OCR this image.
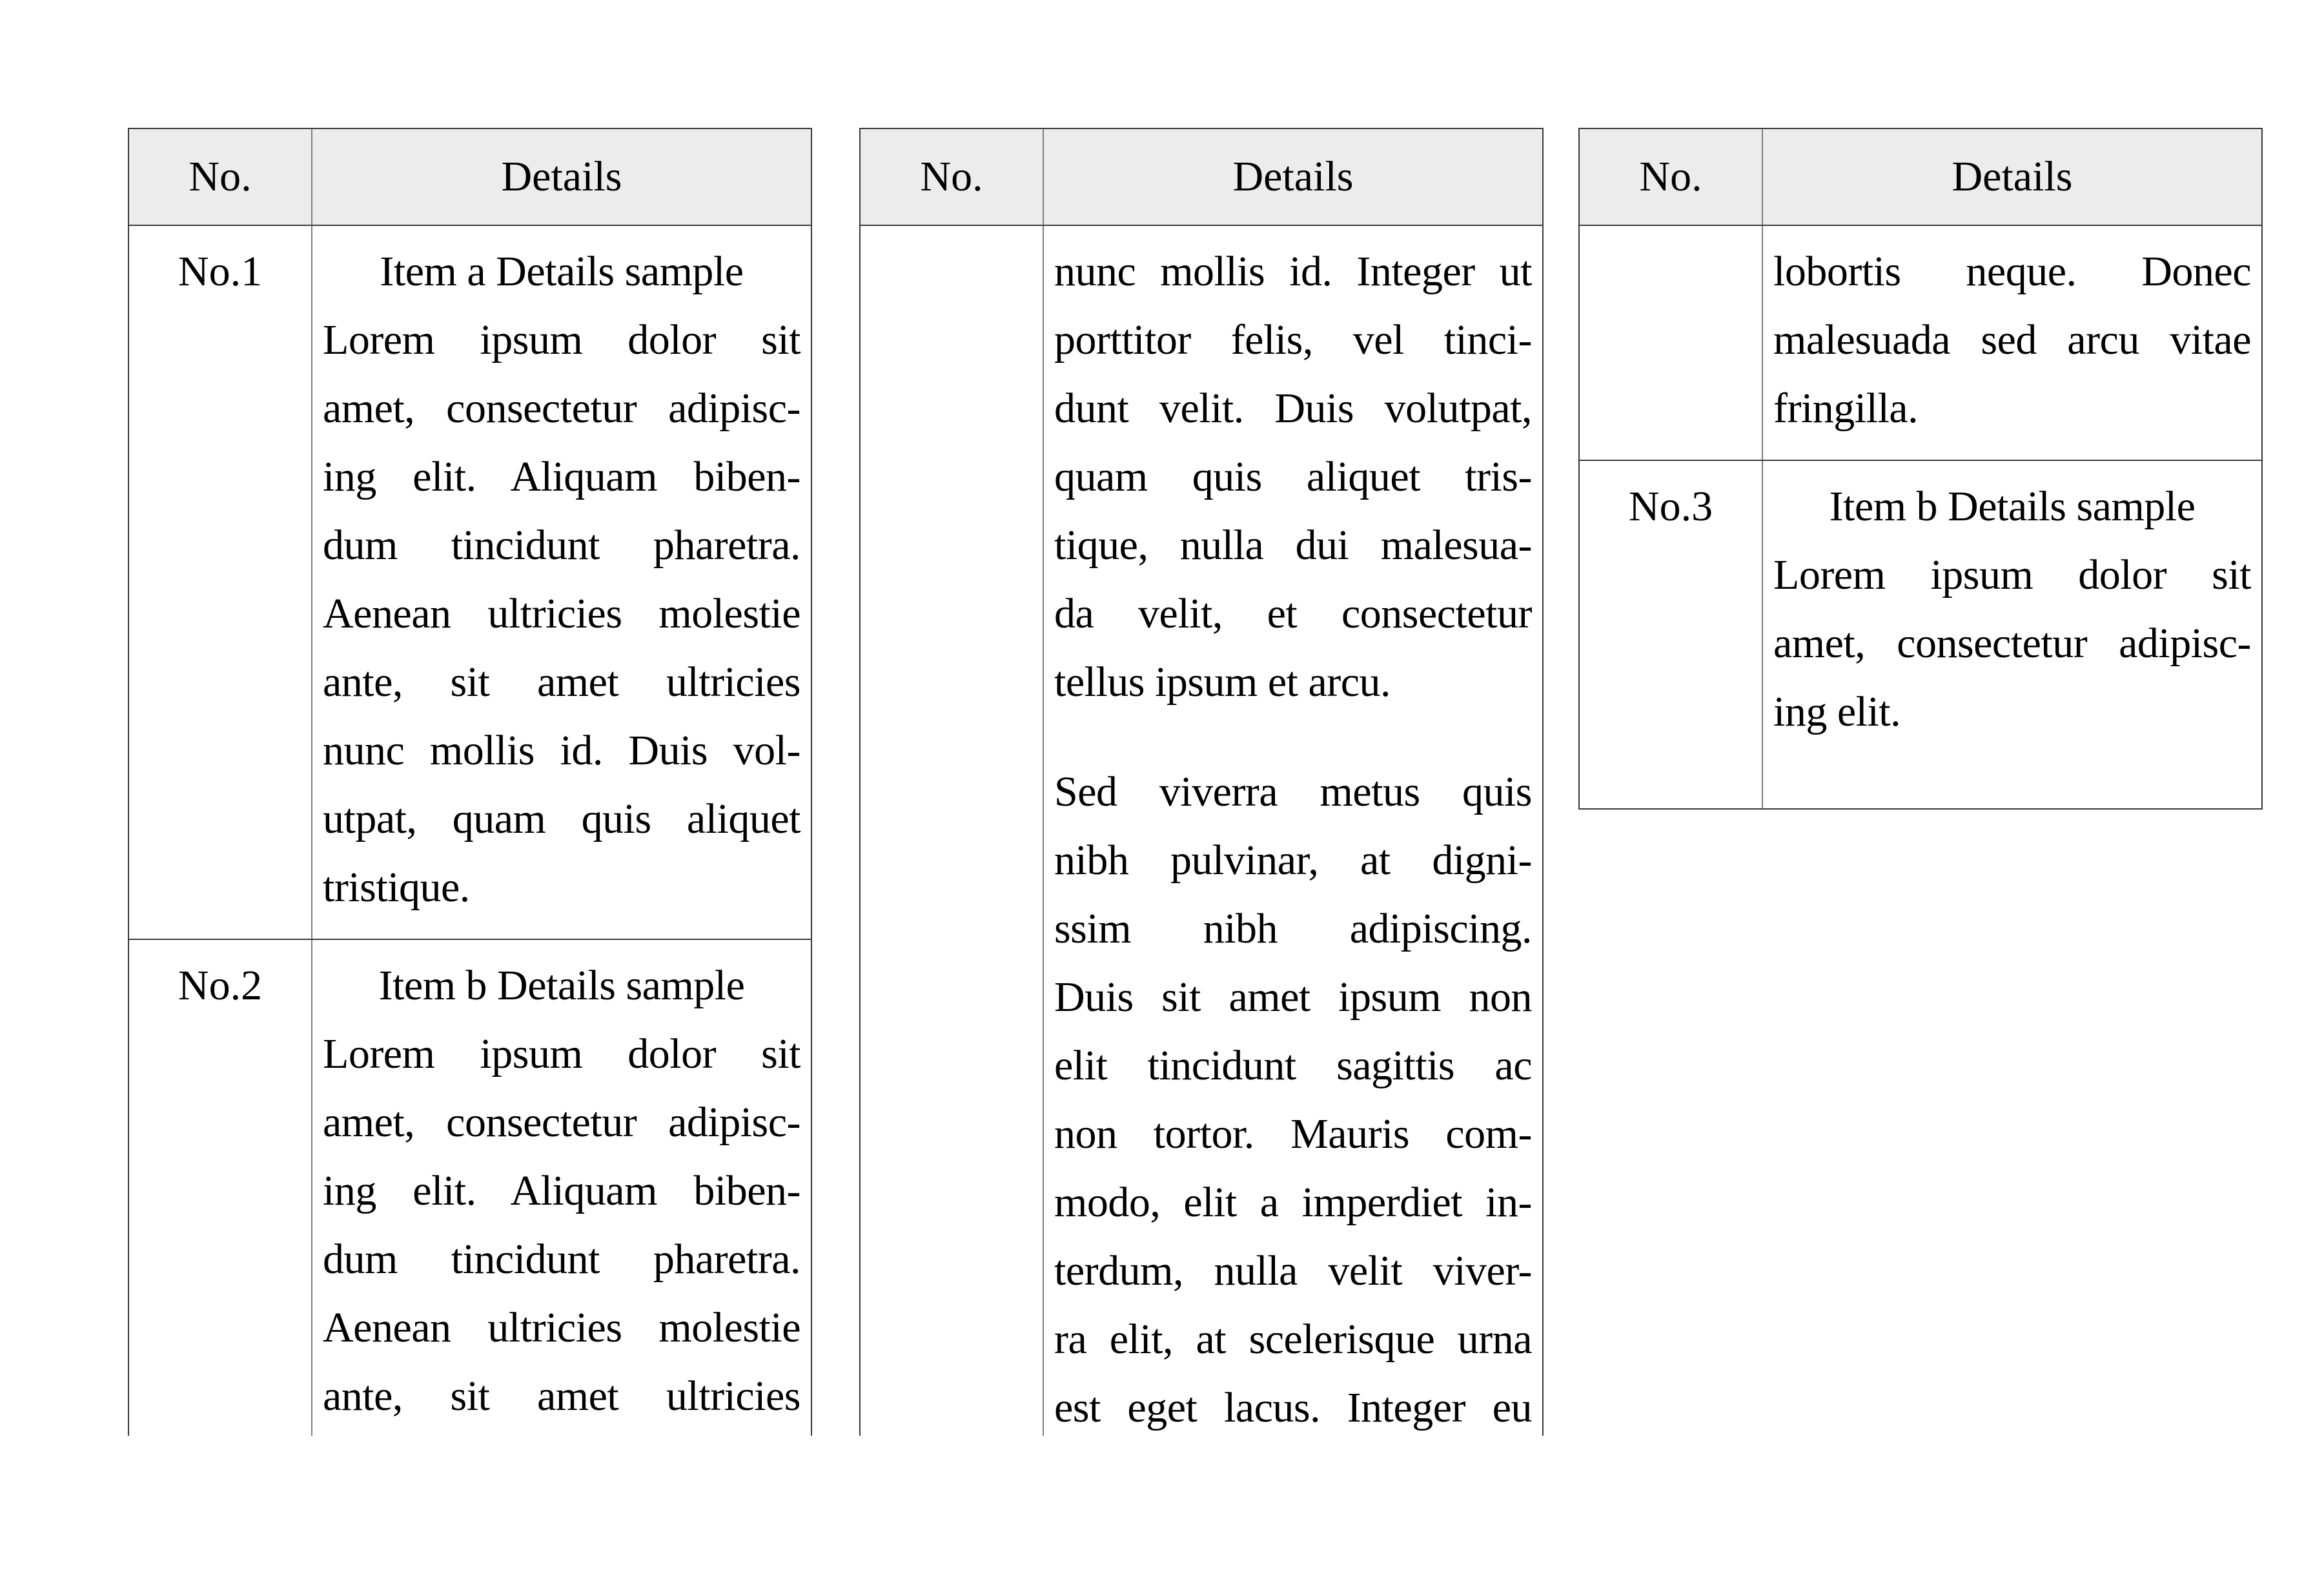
No.	Details
No.1	Item a Details sample
Lorem ipsum dolor sit
amet, consectetur adipisc-
ing elit. Aliquam biben-
dum tincidunt pharetra.
Aenean ultricies molestie
ante, sit amet ultricies
nunc mollis id. Duis vol-
utpat, quam quis aliquet
tristique.
No.2	Item b Details sample
Lorem ipsum dolor sit
amet, consectetur adipisc-
ing elit. Aliquam biben-
dum tincidunt pharetra.
Aenean ultricies molestie
ante, sit amet ultricies
No.	Details
nunc mollis id. Integer ut
porttitor felis, vel tinci-
dunt velit. Duis volutpat,
quam quis aliquet tris-
tique, nulla dui malesua-
da velit, et consectetur
tellus ipsum et arcu.
Sed viverra metus quis
nibh pulvinar, at digni-
ssim nibh adipiscing.
Duis sit amet ipsum non
elit tincidunt sagittis ac
non tortor. Mauris com-
modo, elit a imperdiet in-
terdum, nulla velit viver-
ra elit, at scelerisque urna
est eget lacus. Integer eu
No.	Details
lobortis neque. Donec
malesuada sed arcu vitae
fringilla.
No.3	Item b Details sample
Lorem ipsum dolor sit
amet, consectetur adipisc-
ing elit.
